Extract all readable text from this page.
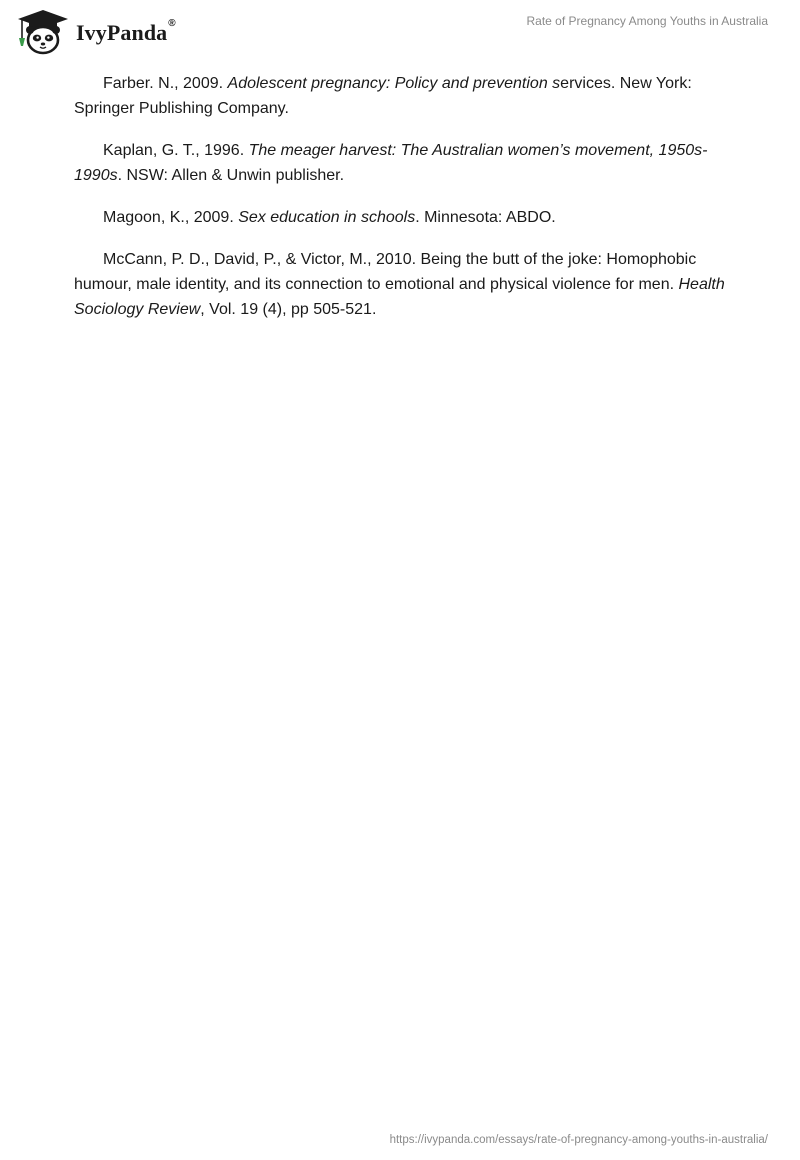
IvyPanda ®	Rate of Pregnancy Among Youths in Australia

Farber. N., 2009. Adolescent pregnancy: Policy and prevention services. New York: Springer Publishing Company.

Kaplan, G. T., 1996. The meager harvest: The Australian women’s movement, 1950s-1990s. NSW: Allen & Unwin publisher.

Magoon, K., 2009. Sex education in schools. Minnesota: ABDO.

McCann, P. D., David, P., & Victor, M., 2010. Being the butt of the joke: Homophobic humour, male identity, and its connection to emotional and physical violence for men. Health Sociology Review, Vol. 19 (4), pp 505-521.

https://ivypanda.com/essays/rate-of-pregnancy-among-youths-in-australia/
